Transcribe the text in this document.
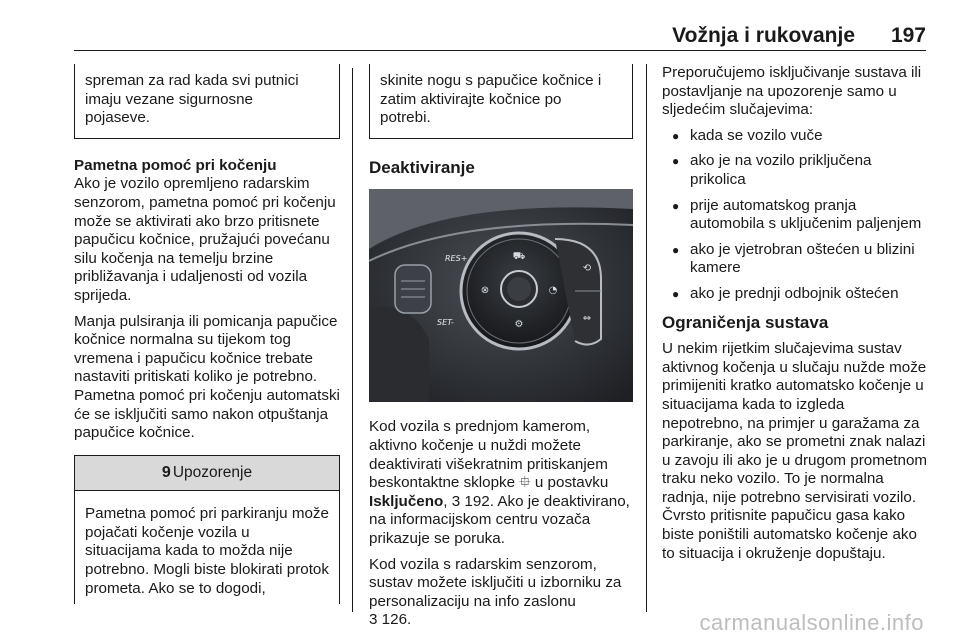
Vožnja i rukovanje 197

spreman za rad kada svi putnici

imaju vezane sigurnosne

pojaseve.

Pametna pomoć pri kočenju

Ako je vozilo opremljeno radarskim senzorom, pametna pomoć pri kočenju može se aktivirati ako brzo pritisnete papučicu kočnice, pružajući povećanu silu kočenja na temelju brzine približavanja i udaljenosti od vozila sprijeda.

Manja pulsiranja ili pomicanja papučice kočnice normalna su tijekom tog vremena i papučicu kočnice trebate nastaviti pritiskati koliko je potrebno. Pametna pomoć pri kočenju automatski će se isključiti samo nakon otpuštanja papučice kočnice.

9 Upozorenje

Pametna pomoć pri parkiranju može pojačati kočenje vozila u situacijama kada to možda nije potrebno. Mogli biste blokirati protok prometa. Ako se to dogodi,

skinite nogu s papučice kočnice i

zatim aktivirajte kočnice po

potrebi.

Deaktiviranje
⛟
⊗	◔
⚙
⟲
⇔
RES+
SET-

Kod vozila s prednjom kamerom, aktivno kočenje u nuždi možete deaktivirati višekratnim pritiskanjem beskontaktne sklopke ⯐ u postavku Isključeno, 3 192. Ako je deaktivirano, na informacijskom centru vozača prikazuje se poruka.

Kod vozila s radarskim senzorom, sustav možete isključiti u izborniku za personalizaciju na info zaslonu
3 126.

Preporučujemo isključivanje sustava ili postavljanje na upozorenje samo u sljedećim slučajevima:

● kada se vozilo vuče
● ako je na vozilo priključena prikolica
● prije automatskog pranja automobila s uključenim paljenjem
● ako je vjetrobran oštećen u blizini kamere
● ako je prednji odbojnik oštećen
Ograničenja sustava

U nekim rijetkim slučajevima sustav aktivnog kočenja u slučaju nužde može primijeniti kratko automatsko kočenje u situacijama kada to izgleda nepotrebno, na primjer u garažama za parkiranje, ako se prometni znak nalazi u zavoju ili ako je u drugom prometnom traku neko vozilo. To je normalna radnja, nije potrebno servisirati vozilo. Čvrsto pritisnite papučicu gasa kako biste poništili automatsko kočenje ako to situacija i okruženje dopuštaju.

carmanualsonline.info
